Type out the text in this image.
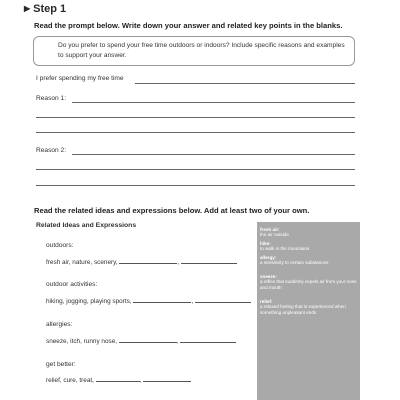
▶ Step 1
Read the prompt below. Write down your answer and related key points in the blanks.
Do you prefer to spend your free time outdoors or indoors? Include specific reasons and examples to support your answer.
I prefer spending my free time
Reason 1:
Reason 2:
Read the related ideas and expressions below. Add at least two of your own.
Related Ideas and Expressions
outdoors:
fresh air, nature, scenery,	,
outdoor activities:
hiking, jogging, playing sports,	,
allergies:
sneeze, itch, runny nose,	,
get better:
relief, cure, treat,	,
fresh air:
the air outside
hike:
to walk in the mountains
allergy:
a sensitivity to certain substances
sneeze:
a reflex that suddenly expels air from your nose and mouth
relief:
a relaxed feeling that is experienced when something unpleasant ends
